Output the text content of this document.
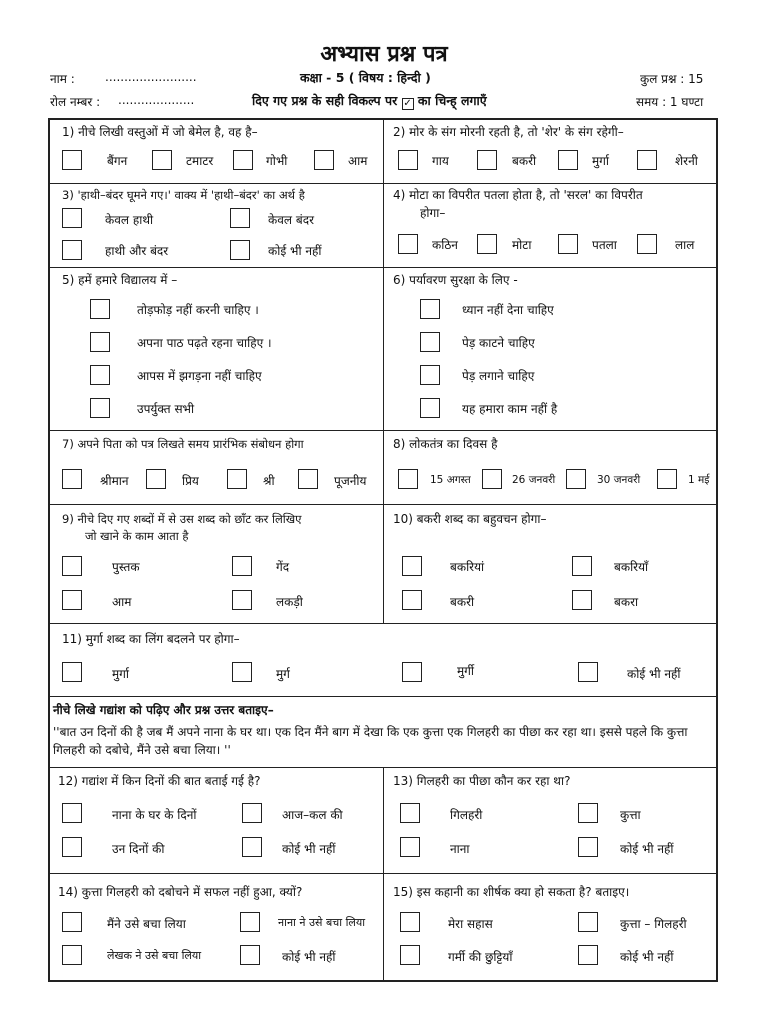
अभ्यास प्रश्न पत्र
नाम :	........................
रोल नम्बर : ....................
कक्षा - 5 ( विषय : हिन्दी )
दिए गए प्रश्न के सही विकल्प पर ✓ का चिन्ह् लगाएँ
कुल प्रश्न : 15
समय : 1 घण्टा
1) नीचे लिखी वस्तुओं में जो बेमेल है, वह है–
बैंगन	टमाटर	गोभी	आम
2) मोर के संग मोरनी रहती है, तो 'शेर' के संग रहेगी–
गाय	बकरी	मुर्गा	शेरनी
3) 'हाथी–बंदर घूमने गए।' वाक्य में 'हाथी–बंदर' का अर्थ है
केवल हाथी	केवल बंदर
हाथी और बंदर	कोई भी नहीं
4) मोटा का विपरीत पतला होता है, तो 'सरल' का विपरीत
होगा–
कठिन	मोटा	पतला	लाल
5) हमें हमारे विद्यालय में –
तोड़फोड़ नहीं करनी चाहिए ।
अपना पाठ पढ़ते रहना चाहिए ।
आपस में झगड़ना नहीं चाहिए
उपर्युक्त सभी
6) पर्यावरण सुरक्षा के लिए -
ध्यान नहीं देना चाहिए
पेड़ काटने चाहिए
पेड़ लगाने चाहिए
यह हमारा काम नहीं है
7) अपने पिता को पत्र लिखते समय प्रारंभिक संबोधन होगा
श्रीमान	प्रिय	श्री	पूजनीय
8) लोकतंत्र का दिवस है
15 अगस्त	26 जनवरी	30 जनवरी	1 मई
9) नीचे दिए गए शब्दों में से उस शब्द को छाँट कर लिखिए
जो खाने के काम आता है
पुस्तक	गेंद
आम	लकड़ी
10) बकरी शब्द का बहुवचन होगा–
बकरियां	बकरियाँ
बकरी	बकरा
11) मुर्गा शब्द का लिंग बदलने पर होगा–
मुर्गा	मुर्ग	मुर्गी	कोई भी नहीं
नीचे लिखे गद्यांश को पढ़िए और प्रश्न उत्तर बताइए–
''बात उन दिनों की है जब मैं अपने नाना के घर था। एक दिन मैंने बाग में देखा कि एक कुत्ता एक गिलहरी का पीछा कर रहा था। इससे पहले कि कुत्ता गिलहरी को दबोचे, मैंने उसे बचा लिया। ''
12) गद्यांश में किन दिनों की बात बताई गई है?
नाना के घर के दिनों	आज–कल की
उन दिनों की	कोई भी नहीं
13) गिलहरी का पीछा कौन कर रहा था?
गिलहरी	कुत्ता
नाना	कोई भी नहीं
14) कुत्ता गिलहरी को दबोचने में सफल नहीं हुआ, क्यों?
मैंने उसे बचा लिया	नाना ने उसे बचा लिया
लेखक ने उसे बचा लिया	कोई भी नहीं
15) इस कहानी का शीर्षक क्या हो सकता है? बताइए।
मेरा सहास	कुत्ता – गिलहरी
गर्मी की छुट्टियाँ	कोई भी नहीं
